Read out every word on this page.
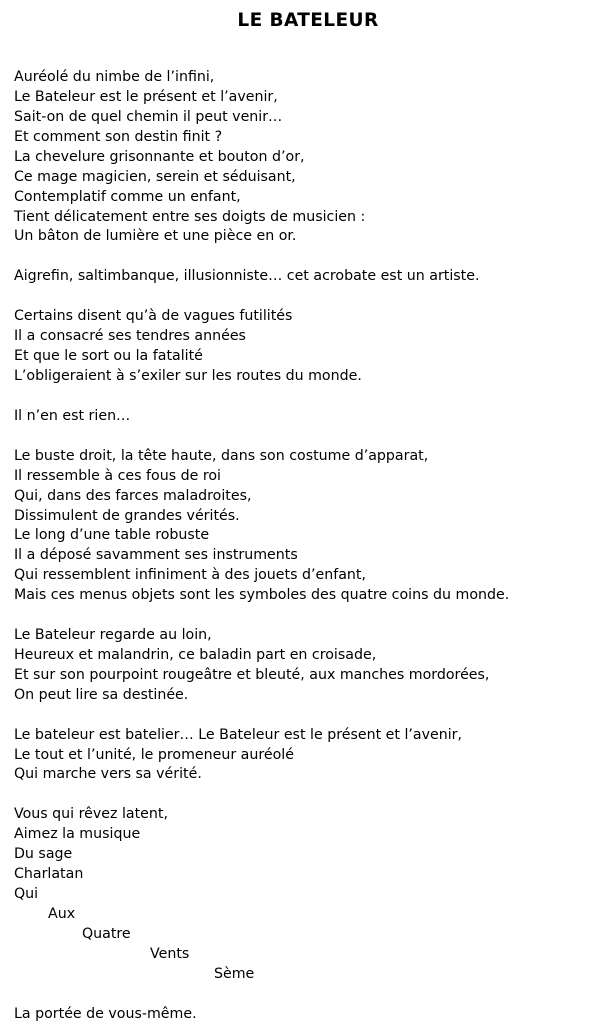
LE BATELEUR
Auréolé du nimbe de l’infini,
Le Bateleur est le présent et l’avenir,
Sait-on de quel chemin il peut venir…
Et comment son destin finit ?
La chevelure grisonnante et bouton d’or,
Ce mage magicien, serein et séduisant,
Contemplatif comme un enfant,
Tient délicatement entre ses doigts de musicien :
Un bâton de lumière et une pièce en or.
Aigrefin, saltimbanque, illusionniste… cet acrobate est un artiste.
Certains disent qu’à de vagues futilités
Il a consacré ses tendres années
Et que le sort ou la fatalité
L’obligeraient à s’exiler sur les routes du monde.
Il n’en est rien…
Le buste droit, la tête haute, dans son costume d’apparat,
Il ressemble à ces fous de roi
Qui, dans des farces maladroites,
Dissimulent de grandes vérités.
Le long d’une table robuste
Il a déposé savamment ses instruments
Qui ressemblent infiniment à des jouets d’enfant,
Mais ces menus objets sont les symboles des quatre coins du monde.
Le Bateleur regarde au loin,
Heureux et malandrin, ce baladin part en croisade,
Et sur son pourpoint rougeâtre et bleuté, aux manches mordorées,
On peut lire sa destinée.
Le bateleur est batelier… Le Bateleur est le présent et l’avenir,
Le tout et l’unité, le promeneur auréolé
Qui marche vers sa vérité.
Vous qui rêvez latent,
Aimez la musique
Du sage
Charlatan
Qui
Aux
Quatre
Vents
Sème
La portée de vous-même.
